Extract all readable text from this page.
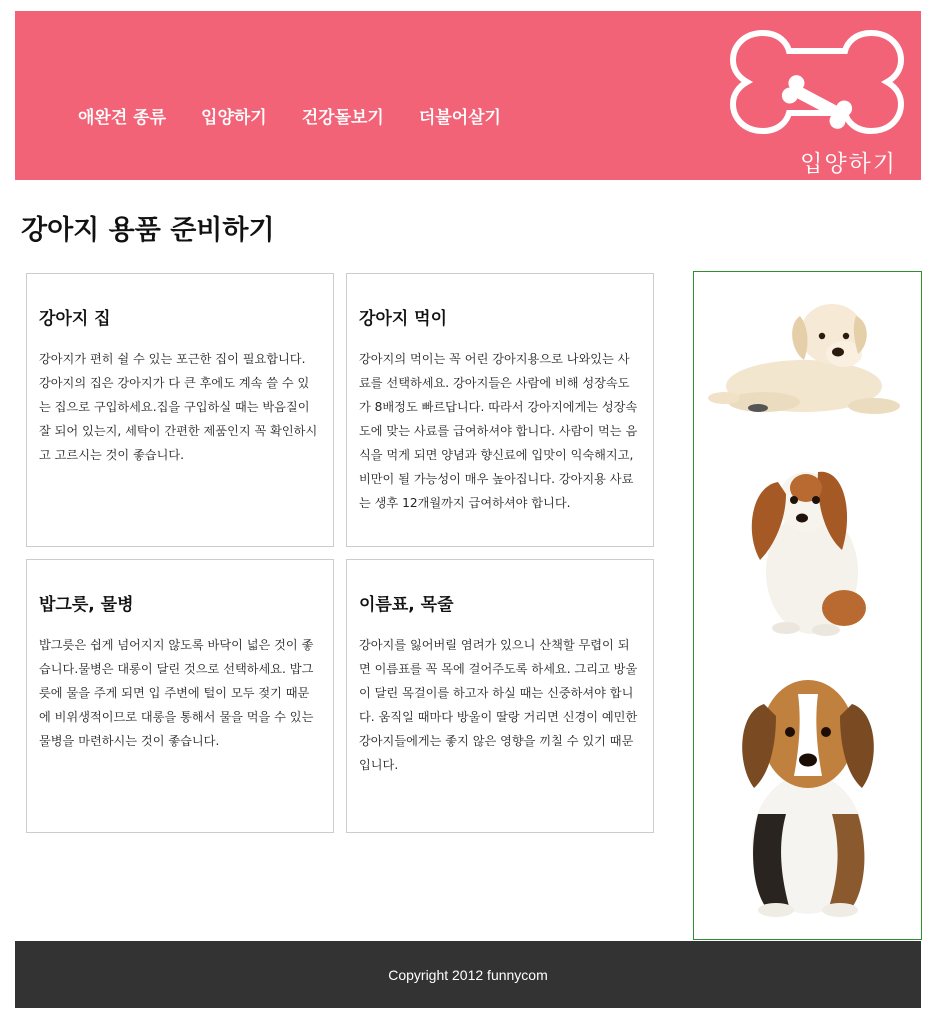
애완견 종류 입양하기 건강돌보기 더불어살기
입양하기
강아지 용품 준비하기
강아지 집

강아지가 편히 쉴 수 있는 포근한 집이 필요합니다. 강아지의 집은 강아지가 다 큰 후에도 계속 쓸 수 있는 집으로 구입하세요.집을 구입하실 때는 박음질이 잘 되어 있는지, 세탁이 간편한 제품인지 꼭 확인하시고 고르시는 것이 좋습니다.

강아지 먹이

강아지의 먹이는 꼭 어린 강아지용으로 나와있는 사료를 선택하세요. 강아지들은 사람에 비해 성장속도가 8배정도 빠르답니다. 따라서 강아지에게는 성장속도에 맞는 사료를 급여하셔야 합니다. 사람이 먹는 음식을 먹게 되면 양념과 향신료에 입맛이 익숙해지고, 비만이 될 가능성이 매우 높아집니다. 강아지용 사료는 생후 12개월까지 급여하셔야 합니다.

밥그릇, 물병

밥그릇은 쉽게 넘어지지 않도록 바닥이 넓은 것이 좋습니다.물병은 대롱이 달린 것으로 선택하세요. 밥그릇에 물을 주게 되면 입 주변에 털이 모두 젖기 때문에 비위생적이므로 대롱을 통해서 물을 먹을 수 있는 물병을 마련하시는 것이 좋습니다.

이름표, 목줄

강아지를 잃어버릴 염려가 있으니 산책할 무렵이 되면 이름표를 꼭 목에 걸어주도록 하세요. 그리고 방울이 달린 목걸이를 하고자 하실 때는 신중하셔야 합니다. 움직일 때마다 방울이 딸랑 거리면 신경이 예민한 강아지들에게는 좋지 않은 영향을 끼칠 수 있기 때문입니다.

Copyright 2012 funnycom
